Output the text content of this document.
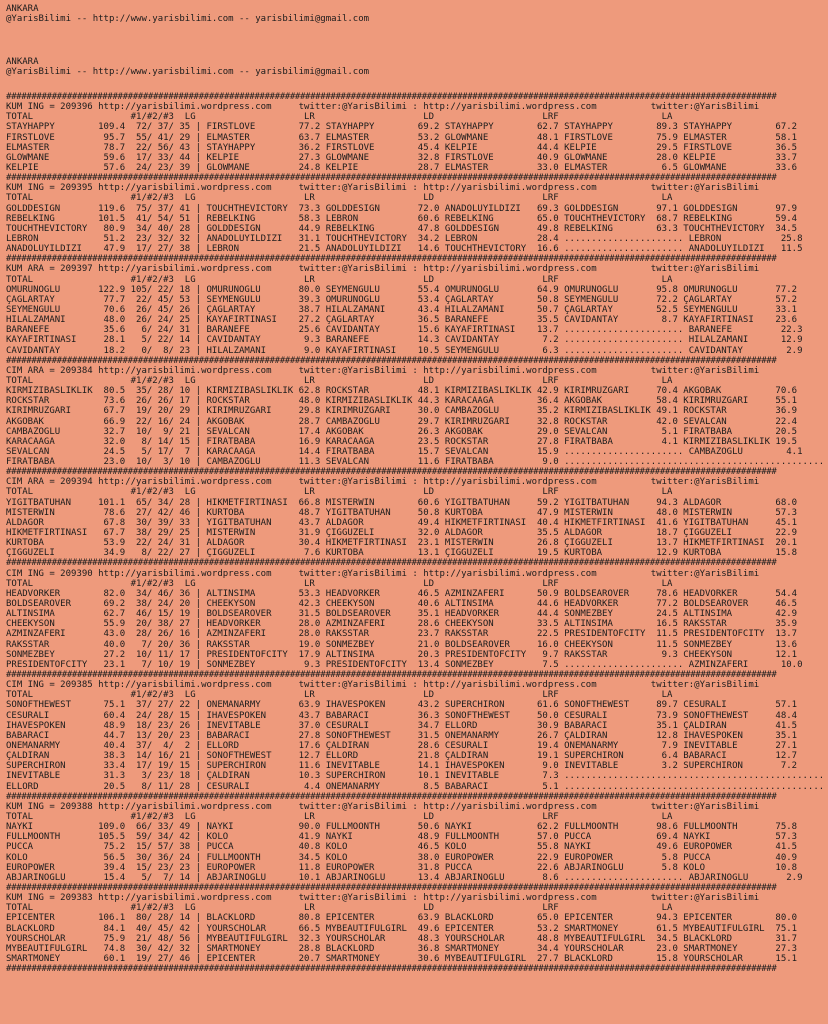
ANKARA
@YarisBilimi -- http://www.yarisbilimi.com -- yarisbilimi@gmail.com
ANKARA
@YarisBilimi -- http://www.yarisbilimi.com -- yarisbilimi@gmail.com
########################################################################################################################################################
KUM ING = 209396 http://yarisbilimi.wordpress.com     twitter:@YarisBilimi : http://yarisbilimi.wordpress.com          twitter:@YarisBilimi
TOTAL                  #1/#2/#3  LG                    LR                    LD                    LRF                   LA
STAYHAPPY        109.4  72/ 37/ 35 | FIRSTLOVE        77.2 STAYHAPPY        69.2 STAYHAPPY        62.7 STAYHAPPY        89.3 STAYHAPPY        67.2
FIRSTLOVE         95.7  55/ 41/ 29 | ELMASTER         63.7 ELMASTER         53.2 GLOWMANE         48.1 FIRSTLOVE        75.9 ELMASTER         58.1
ELMASTER          78.7  22/ 56/ 43 | STAYHAPPY        36.2 FIRSTLOVE        45.4 KELPIE           44.4 KELPIE           29.5 FIRSTLOVE        36.5
GLOWMANE          59.6  17/ 33/ 44 | KELPIE           27.3 GLOWMANE         32.8 FIRSTLOVE        40.9 GLOWMANE         28.0 KELPIE           33.7
KELPIE            57.6  24/ 23/ 39 | GLOWMANE         24.8 KELPIE           28.7 ELMASTER         33.0 ELMASTER          6.5 GLOWMANE         33.6
########################################################################################################################################################
KUM ING = 209395 http://yarisbilimi.wordpress.com     twitter:@YarisBilimi : http://yarisbilimi.wordpress.com          twitter:@YarisBilimi
TOTAL                  #1/#2/#3  LG                    LR                    LD                    LRF                   LA
GOLDDESIGN       119.6  75/ 37/ 41 | TOUCHTHEVICTORY  73.3 GOLDDESIGN       72.0 ANADOLUYILDIZI   69.3 GOLDDESIGN       97.1 GOLDDESIGN       97.9
REBELKING        101.5  41/ 54/ 51 | REBELKING        58.3 LEBRON           60.6 REBELKING        65.0 TOUCHTHEVICTORY  68.7 REBELKING        59.4
TOUCHTHEVICTORY   80.9  34/ 40/ 28 | GOLDDESIGN       44.9 REBELKING        47.8 GOLDDESIGN       49.8 REBELKING        63.3 TOUCHTHEVICTORY  34.5
LEBRON            51.2  23/ 32/ 32 | ANADOLUYILDIZI   31.1 TOUCHTHEVICTORY  34.2 LEBRON           28.4 ...................... LEBRON           25.8
ANADOLUYILDIZI    47.9  17/ 27/ 38 | LEBRON           21.5 ANADOLUYILDIZI   14.6 TOUCHTHEVICTORY  16.6 ...................... ANADOLUYILDIZI   11.5
########################################################################################################################################################
KUM ARA = 209397 http://yarisbilimi.wordpress.com     twitter:@YarisBilimi : http://yarisbilimi.wordpress.com          twitter:@YarisBilimi
TOTAL                  #1/#2/#3  LG                    LR                    LD                    LRF                   LA
ÖMÜRÜNOGLU       122.9 105/ 22/ 18 | ÖMÜRÜNOGLU       80.0 SEYMENGÜLÜ       55.4 ÖMÜRÜNOGLU       64.9 ÖMÜRÜNOGLU       95.8 ÖMÜRÜNOGLU       77.2
ÇAGLARTAY         77.7  22/ 45/ 53 | SEYMENGÜLÜ       39.3 ÖMÜRÜNOGLU       53.4 ÇAGLARTAY        50.8 SEYMENGÜLÜ       72.2 ÇAGLARTAY        57.2
SEYMENGÜLÜ        70.6  26/ 45/ 26 | ÇAGLARTAY        38.7 HILALZAMANI      43.4 HILALZAMANI      50.7 ÇAGLARTAY        52.5 SEYMENGÜLÜ       33.1
HILALZAMANI       48.0  26/ 24/ 25 | KAYAFIRTINASI    27.2 ÇAGLARTAY        36.5 BARANEFE         35.5 CAVIDANTAY        8.7 KAYAFIRTINASI    23.6
BARANEFE          35.6   6/ 24/ 31 | BARANEFE         25.6 CAVIDANTAY       15.6 KAYAFIRTINASI    13.7 ...................... BARANEFE         22.3
KAYAFIRTINASI     28.1   5/ 22/ 14 | CAVIDANTAY        9.3 BARANEFE         14.3 CAVIDANTAY        7.2 ...................... HILALZAMANI      12.9
CAVIDANTAY        18.2   0/  8/ 23 | HILALZAMANI       9.0 KAYAFIRTINASI    10.5 SEYMENGÜLÜ        6.3 ...................... CAVIDANTAY        2.9
########################################################################################################################################################
CIM ARA = 209384 http://yarisbilimi.wordpress.com     twitter:@YarisBilimi : http://yarisbilimi.wordpress.com          twitter:@YarisBilimi
TOTAL                  #1/#2/#3  LG                    LR                    LD                    LRF                   LA
KIRMIZIBASLIKLIK  80.5  35/ 28/ 10 | KIRMIZIBASLIKLIK 62.8 ROCKSTAR         48.1 KIRMIZIBASLIKLIK 42.9 KIRIMRÜZGARI     70.4 AKGOBAK          70.6
ROCKSTAR          73.6  26/ 26/ 17 | ROCKSTAR         48.0 KIRMIZIBASLIKLIK 44.3 KARACAAGA        36.4 AKGOBAK          58.4 KIRIMRÜZGARI     55.1
KIRIMRÜZGARI      67.7  19/ 20/ 29 | KIRIMRÜZGARI     29.8 KIRIMRÜZGARI     30.0 CAMBAZOGLU       35.2 KIRMIZIBASLIKLIK 49.1 ROCKSTAR         36.9
AKGOBAK           66.9  22/ 16/ 24 | AKGOBAK          28.7 CAMBAZOGLU       29.7 KIRIMRÜZGARI     32.8 ROCKSTAR         42.0 SEVALCAN         22.4
CAMBAZOGLU        32.7  10/  9/ 21 | SEVALCAN         17.4 AKGOBAK          26.3 AKGOBAK          29.0 SEVALCAN          5.1 FIRATBABA        20.5
KARACAAGA         32.0   8/ 14/ 15 | FIRATBABA        16.9 KARACAAGA        23.5 ROCKSTAR         27.8 FIRATBABA         4.1 KIRMIZIBASLIKLIK 19.5
SEVALCAN          24.5   5/ 17/  7 | KARACAAGA        14.4 FIRATBABA        15.7 SEVALCAN         15.9 ...................... CAMBAZOGLU        4.1
FIRATBABA         23.0  10/  3/ 10 | CAMBAZOGLU       11.3 SEVALCAN         11.6 FIRATBABA         9.0 ................................................
########################################################################################################################################################
CIM ARA = 209394 http://yarisbilimi.wordpress.com     twitter:@YarisBilimi : http://yarisbilimi.wordpress.com          twitter:@YarisBilimi
TOTAL                  #1/#2/#3  LG                    LR                    LD                    LRF                   LA
YIGITBATUHAN     101.1  65/ 34/ 28 | HIKMETFIRTINASI  66.8 MISTERWIN        60.6 YIGITBATUHAN     59.2 YIGITBATUHAN     94.3 ALDAGÖR          68.0
MISTERWIN         78.6  27/ 42/ 46 | KURTOBA          48.7 YIGITBATUHAN     50.8 KURTOBA          47.9 MISTERWIN        48.0 MISTERWIN        57.3
ALDAGÖR           67.8  30/ 39/ 33 | YIGITBATUHAN     43.7 ALDAGÖR          49.4 HIKMETFIRTINASI  40.4 HIKMETFIRTINASI  41.6 YIGITBATUHAN     45.1
HIKMETFIRTINASI   67.7  38/ 29/ 25 | MISTERWIN        31.9 ÇIGGÜZELI        32.0 ALDAGÖR          35.5 ALDAGÖR          18.7 ÇIGGÜZELI        22.9
KURTOBA           53.9  22/ 24/ 31 | ALDAGÖR          30.4 HIKMETFIRTINASI  23.1 MISTERWIN        26.8 ÇIGGÜZELI        13.7 HIKMETFIRTINASI  20.1
ÇIGGÜZELI         34.9   8/ 22/ 27 | ÇIGGÜZELI         7.6 KURTOBA          13.1 ÇIGGÜZELI        19.5 KURTOBA          12.9 KURTOBA          15.8
########################################################################################################################################################
CIM ING = 209390 http://yarisbilimi.wordpress.com     twitter:@YarisBilimi : http://yarisbilimi.wordpress.com          twitter:@YarisBilimi
TOTAL                  #1/#2/#3  LG                    LR                    LD                    LRF                   LA
HEADVORKER        82.0  34/ 46/ 36 | ALTINSIMA        53.3 HEADVORKER       46.5 AZMINZAFERI      50.9 BOLDSEAROVER     78.6 HEADVORKER       54.4
BOLDSEAROVER      69.2  38/ 24/ 20 | CHEEKYSON        42.3 CHEEKYSON        40.6 ALTINSIMA        44.6 HEADVORKER       77.2 BOLDSEAROVER     46.5
ALTINSIMA         62.7  46/ 15/ 19 | BOLDSEAROVER     31.5 BOLDSEAROVER     35.1 HEADVORKER       44.4 SÖNMEZBEY        24.5 ALTINSIMA        42.9
CHEEKYSON         55.9  20/ 38/ 27 | HEADVORKER       28.0 AZMINZAFERI      28.6 CHEEKYSON        33.5 ALTINSIMA        16.5 RAKSSTAR         35.9
AZMINZAFERI       43.0  28/ 26/ 16 | AZMINZAFERI      28.0 RAKSSTAR         23.7 RAKSSTAR         22.5 PRESIDENTOFCITY  11.5 PRESIDENTOFCITY  13.7
RAKSSTAR          40.0   7/ 20/ 36 | RAKSSTAR         19.0 SÖNMEZBEY        21.0 BOLDSEAROVER     16.0 CHEEKYSON        11.5 SÖNMEZBEY        13.6
SÖNMEZBEY         27.2  10/ 11/ 17 | PRESIDENTOFCITY  17.9 ALTINSIMA        20.3 PRESIDENTOFCITY   9.7 RAKSSTAR          9.3 CHEEKYSON        12.1
PRESIDENTOFCITY   23.1   7/ 10/ 19 | SÖNMEZBEY         9.3 PRESIDENTOFCITY  13.4 SÖNMEZBEY         7.5 ...................... AZMINZAFERI      10.0
########################################################################################################################################################
CIM ING = 209385 http://yarisbilimi.wordpress.com     twitter:@YarisBilimi : http://yarisbilimi.wordpress.com          twitter:@YarisBilimi
TOTAL                  #1/#2/#3  LG                    LR                    LD                    LRF                   LA
SONOFTHEWEST      75.1  37/ 27/ 22 | ONEMANARMY       63.9 IHAVESPOKEN      43.2 SUPERCHIRON      61.6 SONOFTHEWEST     89.7 CESURALI         57.1
CESURALI          60.4  24/ 28/ 15 | IHAVESPOKEN      43.7 BABARACI         36.3 SONOFTHEWEST     50.0 CESURALI         73.9 SONOFTHEWEST     48.4
IHAVESPOKEN       48.9  18/ 23/ 26 | INEVITABLE       37.0 CESURALI         34.7 ELLORD           30.9 BABARACI         35.1 ÇALDIRAN         41.5
BABARACI          44.7  13/ 20/ 23 | BABARACI         27.8 SONOFTHEWEST     31.5 ONEMANARMY       26.7 ÇALDIRAN         12.8 IHAVESPOKEN      35.1
ONEMANARMY        40.4  37/  4/  2 | ELLORD           17.6 ÇALDIRAN         28.6 CESURALI         19.4 ONEMANARMY        7.9 INEVITABLE       27.1
ÇALDIRAN          38.3  14/ 16/ 21 | SONOFTHEWEST     12.7 ELLORD           21.8 ÇALDIRAN         19.1 SUPERCHIRON       6.4 BABARACI         12.7
SUPERCHIRON       33.4  17/ 19/ 15 | SUPERCHIRON      11.6 INEVITABLE       14.1 IHAVESPOKEN       9.0 INEVITABLE        3.2 SUPERCHIRON       7.2
INEVITABLE        31.3   3/ 23/ 18 | ÇALDIRAN         10.3 SUPERCHIRON      10.1 INEVITABLE        7.3 ................................................
ELLORD            20.5   8/ 11/ 28 | CESURALI          4.4 ONEMANARMY        8.5 BABARACI          5.1 ................................................
########################################################################################################################################################
KUM ING = 209388 http://yarisbilimi.wordpress.com     twitter:@YarisBilimi : http://yarisbilimi.wordpress.com          twitter:@YarisBilimi
TOTAL                  #1/#2/#3  LG                    LR                    LD                    LRF                   LA
NAYKI            109.0  66/ 33/ 49 | NAYKI            90.0 FULLMOONTH       50.6 NAYKI            62.2 FULLMOONTH       98.6 FULLMOONTH       75.8
FULLMOONTH       105.5  59/ 34/ 42 | KOLO             41.9 NAYKI            48.9 FULLMOONTH       57.0 PUCCA            69.4 NAYKI            57.3
PUCCA             75.2  15/ 57/ 38 | PUCCA            40.8 KOLO             46.5 KOLO             55.8 NAYKI            49.6 EUROPOWER        41.5
KOLO              56.5  30/ 36/ 24 | FULLMOONTH       34.5 KOLO             38.0 EUROPOWER        22.9 EUROPOWER         5.8 PUCCA            40.9
EUROPOWER         39.4  15/ 23/ 23 | EUROPOWER        11.8 EUROPOWER        31.8 PUCCA            22.6 ABJARINOGLU       5.8 KOLO             10.8
ABJARINOGLU       15.4   5/  7/ 14 | ABJARINOGLU      10.1 ABJARINOGLU      13.4 ABJARINOGLU       8.6 ...................... ABJARINOGLU       2.9
########################################################################################################################################################
KUM ING = 209383 http://yarisbilimi.wordpress.com     twitter:@YarisBilimi : http://yarisbilimi.wordpress.com          twitter:@YarisBilimi
TOTAL                  #1/#2/#3  LG                    LR                    LD                    LRF                   LA
EPICENTER        106.1  80/ 28/ 14 | BLACKLORD        80.8 EPICENTER        63.9 BLACKLORD        65.0 EPICENTER        94.3 EPICENTER        80.0
BLACKLORD         84.1  40/ 45/ 42 | YOURSCHOLAR      66.5 MYBEAUTIFULGIRL  49.6 EPICENTER        53.2 SMARTMONEY       61.5 MYBEAUTIFULGIRL  75.1
YOURSCHOLAR       75.9  21/ 48/ 56 | MYBEAUTIFULGIRL  32.3 YOURSCHOLAR      48.3 YOURSCHOLAR      48.8 MYBEAUTIFULGIRL  34.5 BLACKLORD        31.7
MYBEAUTIFULGIRL   74.8  30/ 42/ 32 | SMARTMONEY       28.8 BLACKLORD        36.8 SMARTMONEY       34.4 YOURSCHOLAR      23.0 SMARTMONEY       27.3
SMARTMONEY        60.1  19/ 27/ 46 | EPICENTER        20.7 SMARTMONEY       30.6 MYBEAUTIFULGIRL  27.7 BLACKLORD        15.8 YOURSCHOLAR      15.1
########################################################################################################################################################
